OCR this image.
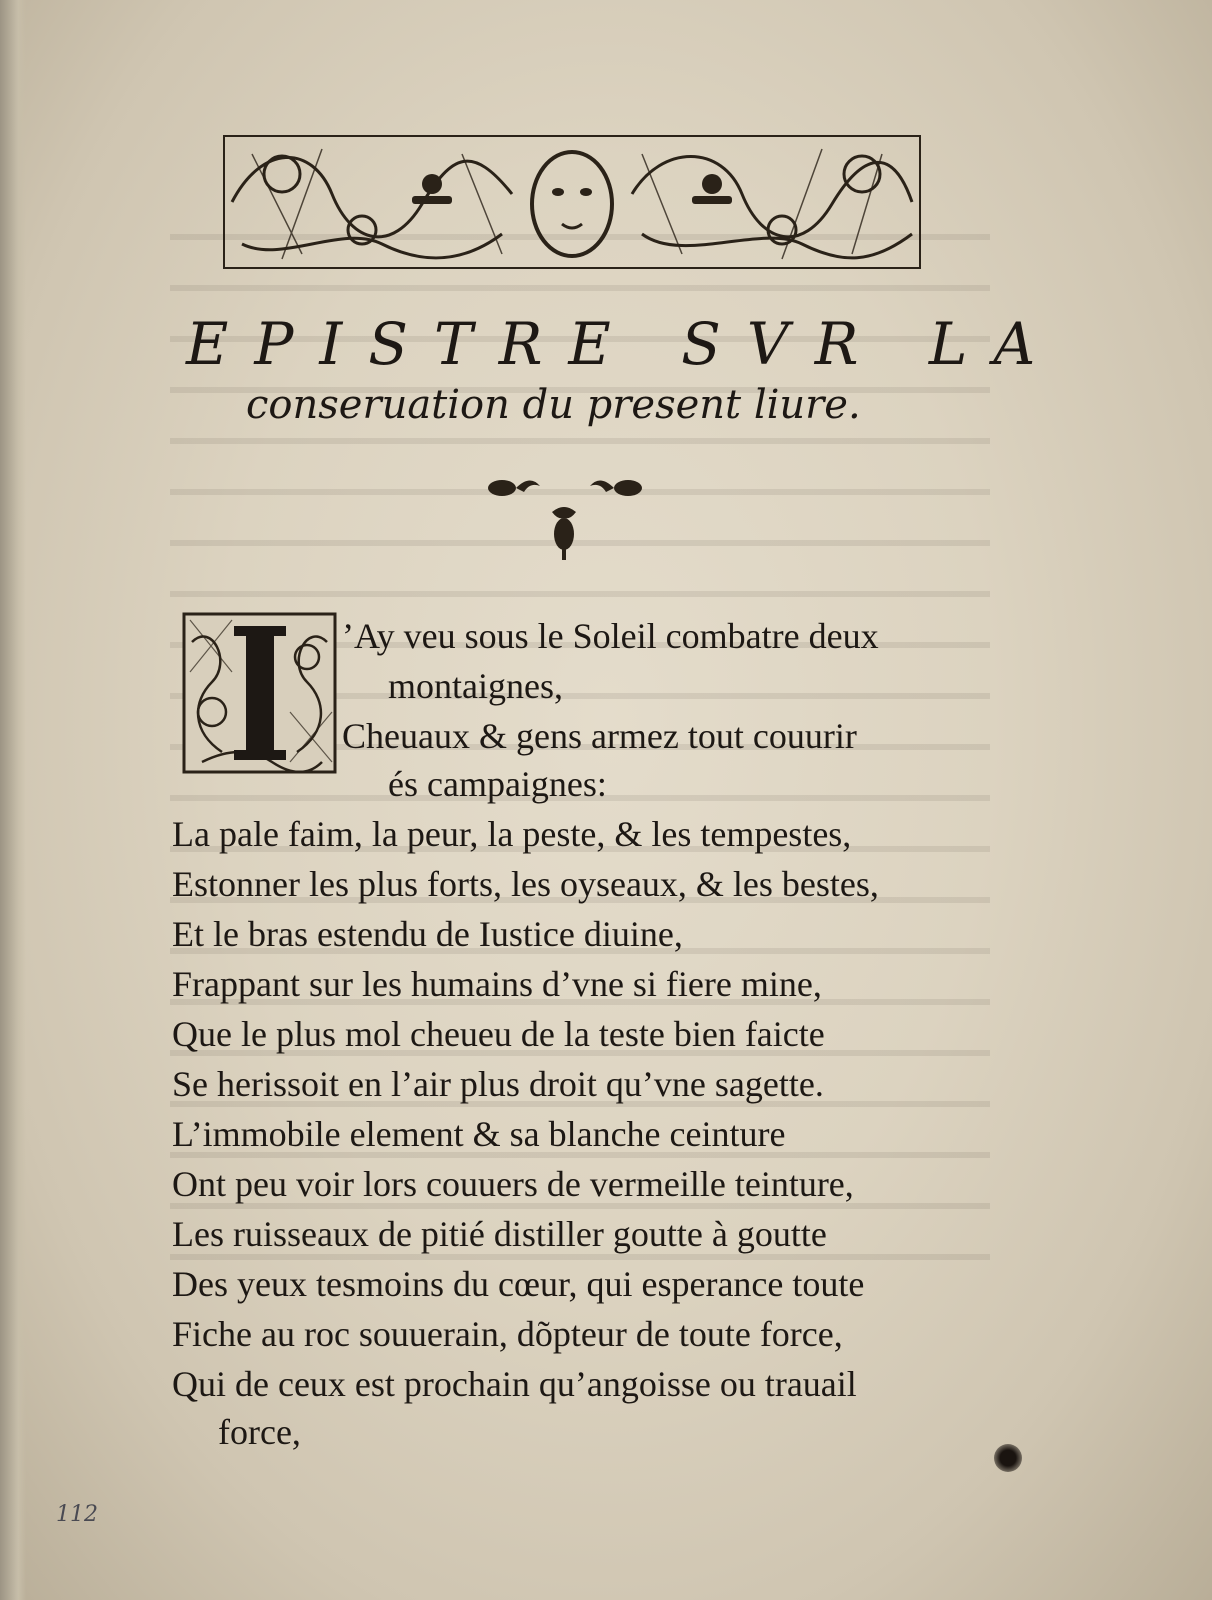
EPISTRE SVR LA
conseruation du present liure.
’Ay veu sous le Soleil combatre deux
montaignes,
Cheuaux & gens armez tout couurir
és campaignes:
La pale faim, la peur, la peste, & les tempestes,
Estonner les plus forts, les oyseaux, & les bestes,
Et le bras estendu de Iustice diuine,
Frappant sur les humains d’vne si fiere mine,
Que le plus mol cheueu de la teste bien faicte
Se herissoit en l’air plus droit qu’vne sagette.
L’immobile element & sa blanche ceinture
Ont peu voir lors couuers de vermeille teinture,
Les ruisseaux de pitié distiller goutte à goutte
Des yeux tesmoins du cœur, qui esperance toute
Fiche au roc souuerain, dõpteur de toute force,
Qui de ceux est prochain qu’angoisse ou trauail
force,
112
